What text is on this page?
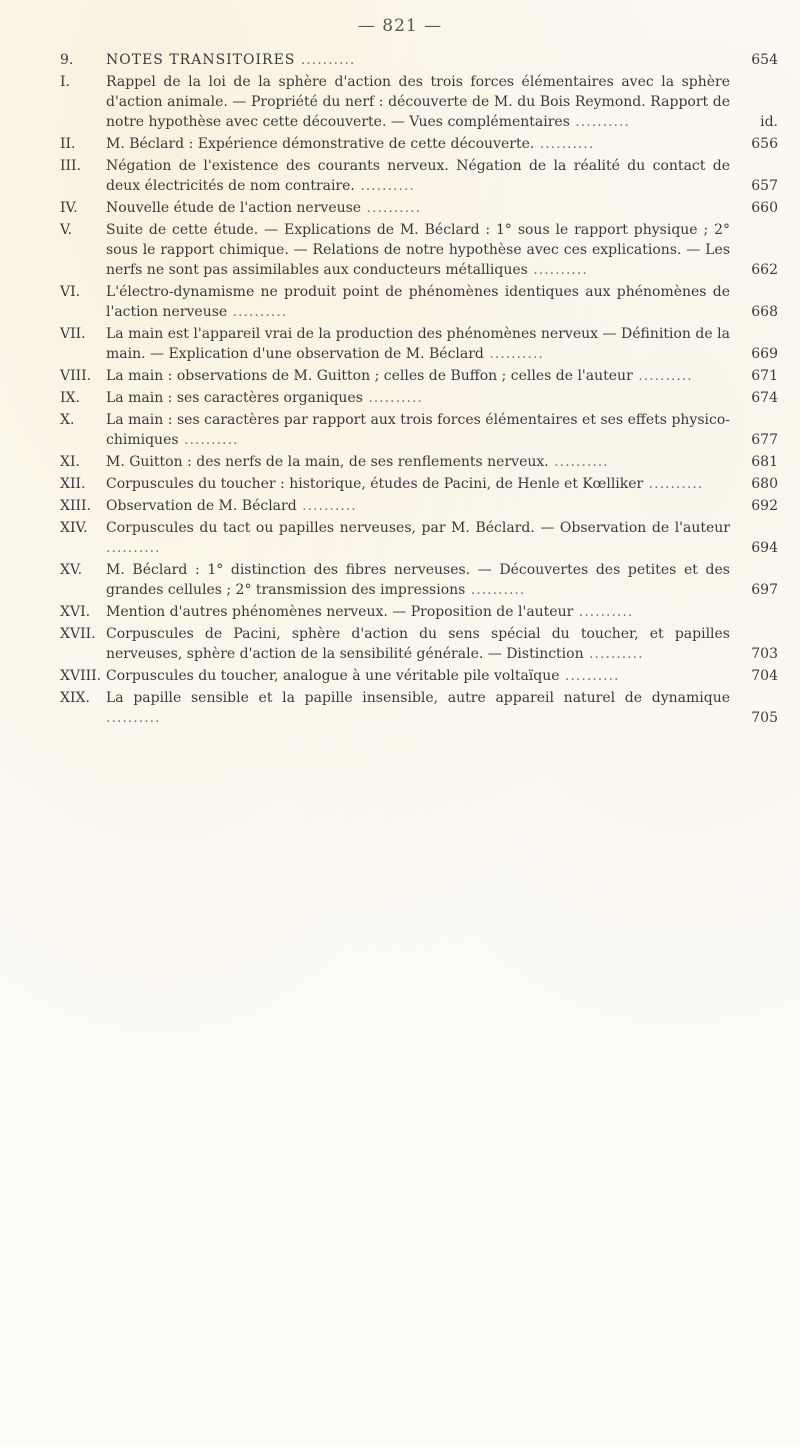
— 821 —
9.	NOTES TRANSITOIRES ..........	654
I.	Rappel de la loi de la sphère d'action des trois forces élémentaires avec la sphère d'action animale. — Propriété du nerf : découverte de M. du Bois Reymond. Rapport de notre hypothèse avec cette découverte. — Vues complémentaires ..........	id.
II.	M. Béclard : Expérience démonstrative de cette découverte. ..........	656
III.	Négation de l'existence des courants nerveux. Négation de la réalité du contact de deux électricités de nom contraire. ..........	657
IV.	Nouvelle étude de l'action nerveuse ..........	660
V.	Suite de cette étude. — Explications de M. Béclard : 1° sous le rapport physique ; 2° sous le rapport chimique. — Relations de notre hypothèse avec ces explications. — Les nerfs ne sont pas assimilables aux conducteurs métalliques ..........	662
VI.	L'électro-dynamisme ne produit point de phénomènes identiques aux phénomènes de l'action nerveuse ..........	668
VII.	La main est l'appareil vrai de la production des phénomènes nerveux — Définition de la main. — Explication d'une observation de M. Béclard ..........	669
VIII.	La main : observations de M. Guitton ; celles de Buffon ; celles de l'auteur ..........	671
IX.	La main : ses caractères organiques ..........	674
X.	La main : ses caractères par rapport aux trois forces élémentaires et ses effets physico-chimiques ..........	677
XI.	M. Guitton : des nerfs de la main, de ses renflements nerveux. ..........	681
XII.	Corpuscules du toucher : historique, études de Pacini, de Henle et Kœlliker ..........	680
XIII.	Observation de M. Béclard ..........	692
XIV.	Corpuscules du tact ou papilles nerveuses, par M. Béclard. — Observation de l'auteur ..........	694
XV.	M. Béclard : 1° distinction des fibres nerveuses. — Découvertes des petites et des grandes cellules ; 2° transmission des impressions ..........	697
XVI.	Mention d'autres phénomènes nerveux. — Proposition de l'auteur ..........
XVII. Corpuscules de Pacini, sphère d'action du sens spécial du toucher, et papilles nerveuses, sphère d'action de la sensibilité générale. — Distinction ..........	703
XVIII. Corpuscules du toucher, analogue à une véritable pile voltaïque ..........	704
XIX.	La papille sensible et la papille insensible, autre appareil naturel de dynamique ..........	705
